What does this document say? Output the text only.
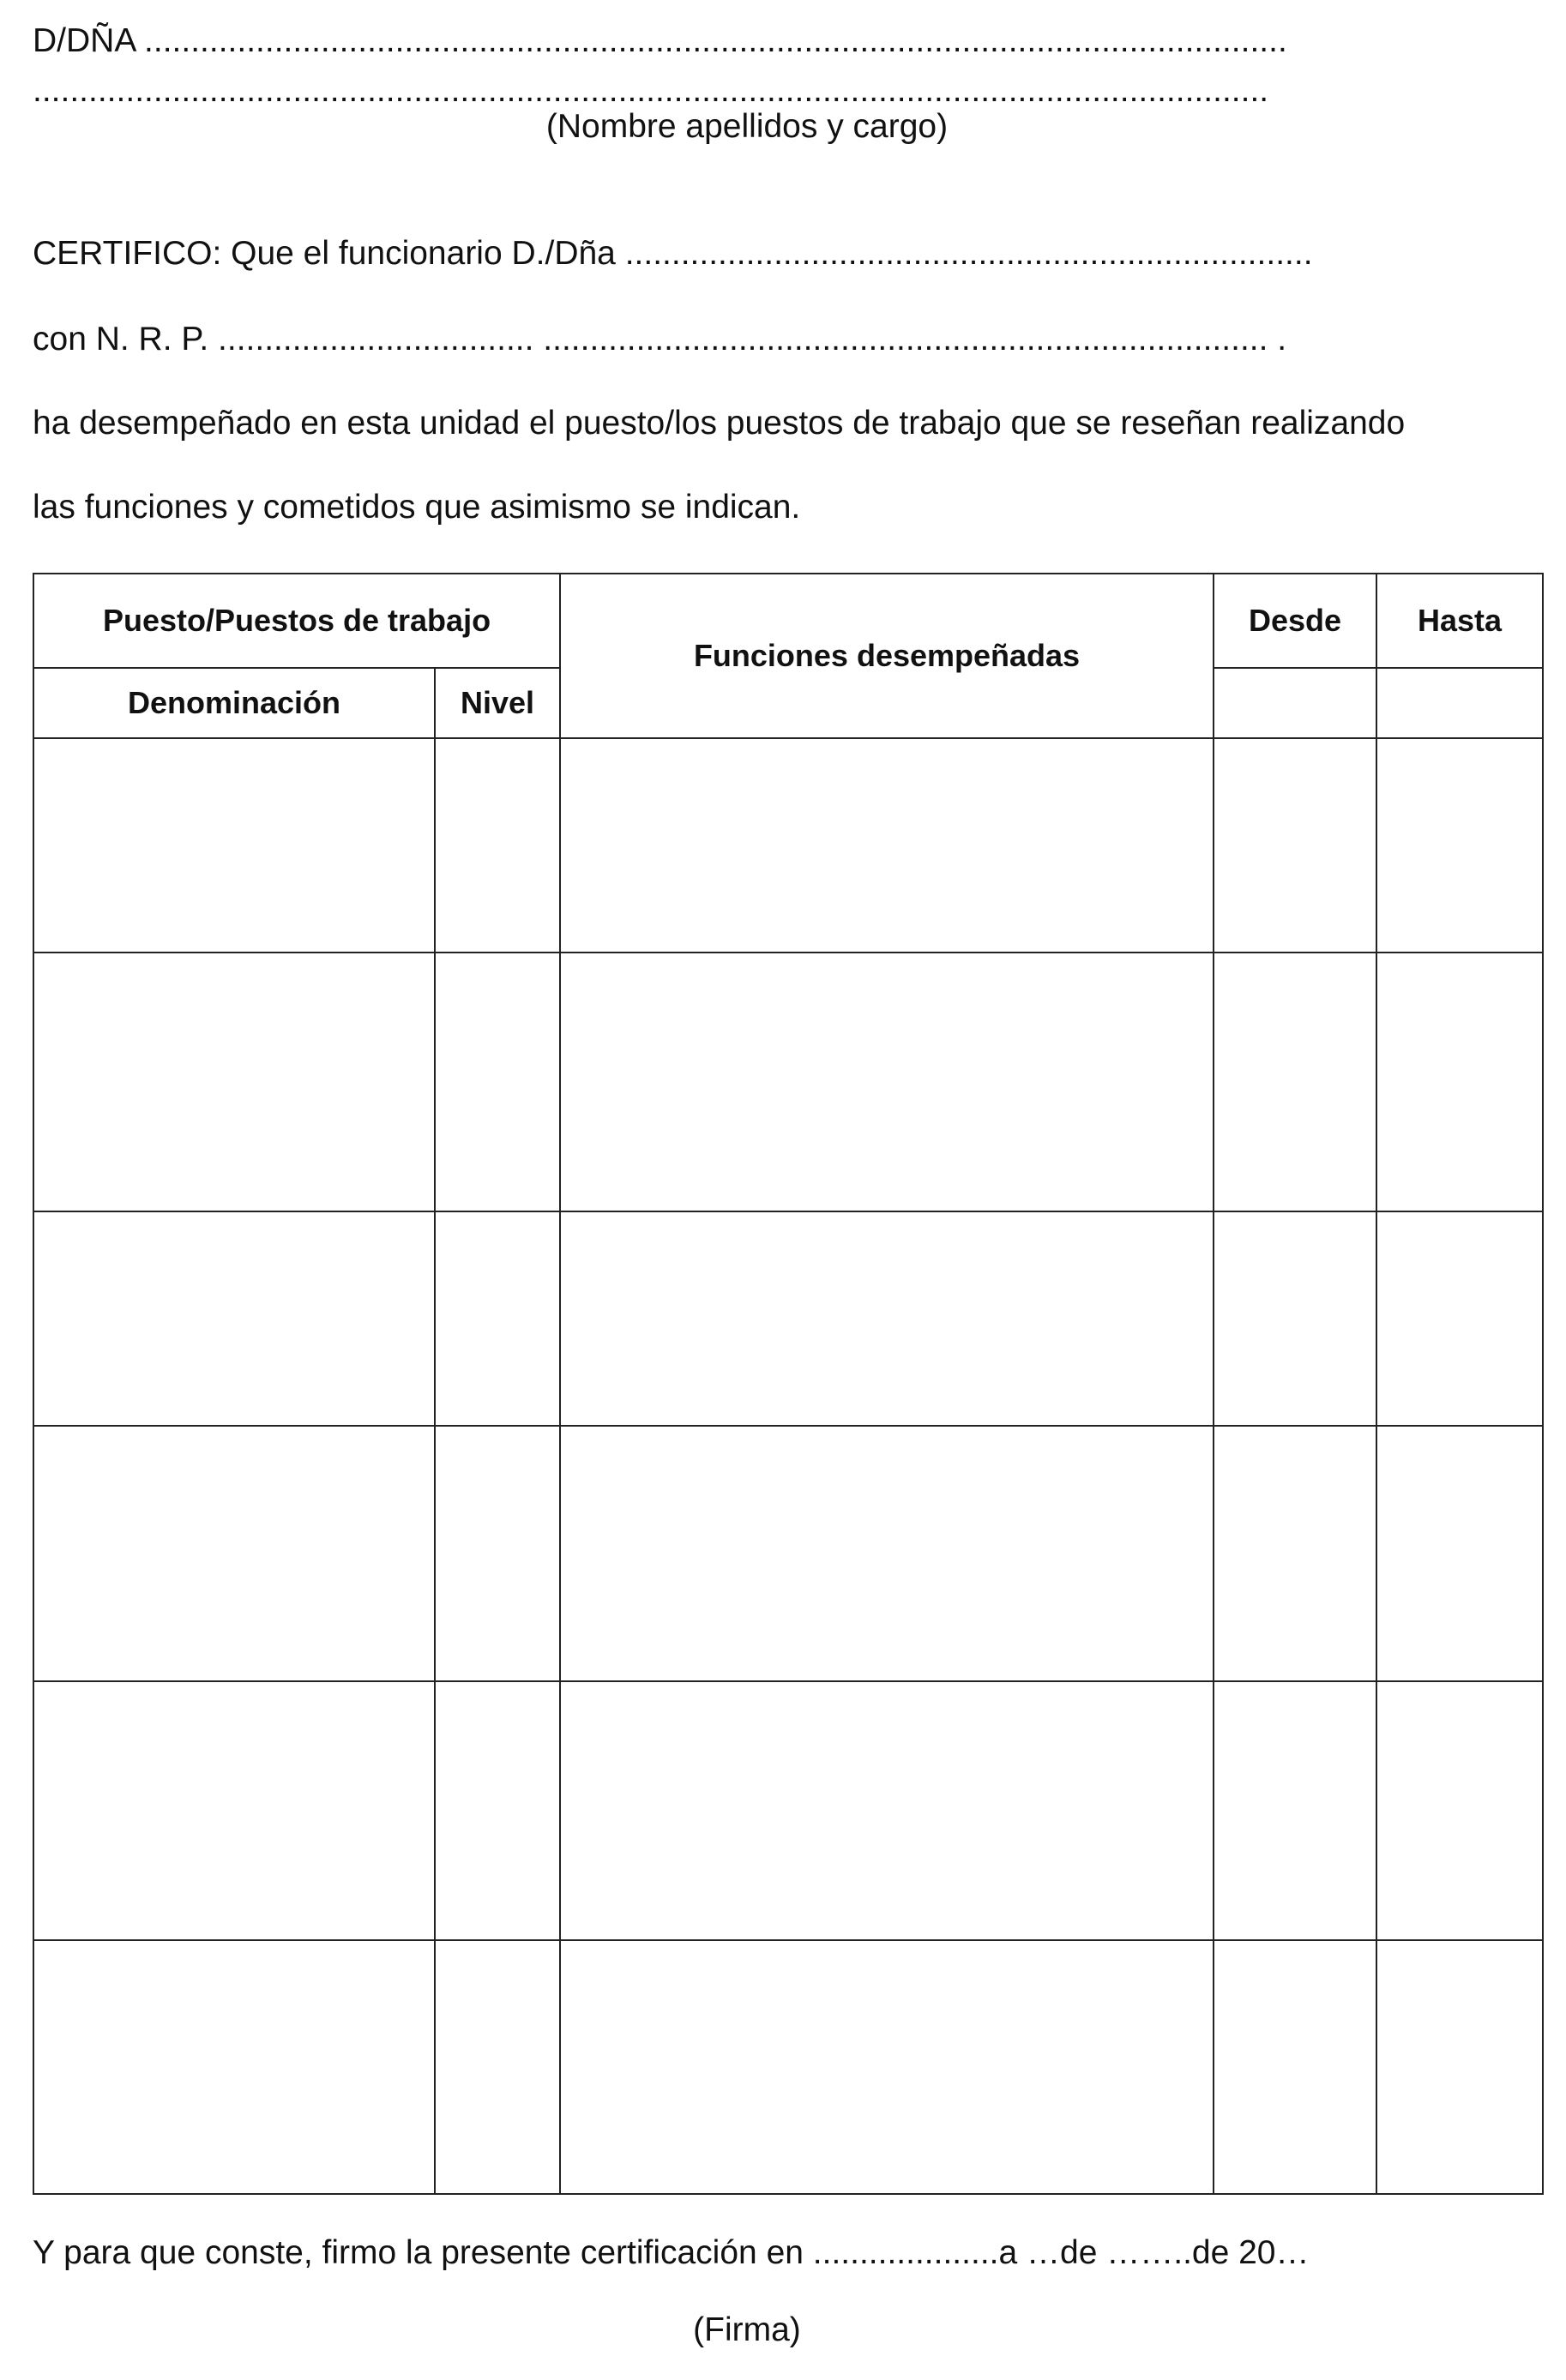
D/DÑA ...........................................................................................................................
.....................................................................................................................................
(Nombre apellidos y cargo)
CERTIFICO: Que el funcionario D./Dña ..........................................................................
con N. R. P. .................................. .............................................................................. .
ha desempeñado en esta unidad el puesto/los puestos de trabajo que se reseñan realizando
las funciones y cometidos que asimismo se indican.
Puesto/Puestos de trabajo		Funciones desempeñadas	Desde	Hasta
Denominación	Nivel			

Y para que conste, firmo la presente certificación en ....................a …de ……..de 20…
(Firma)
